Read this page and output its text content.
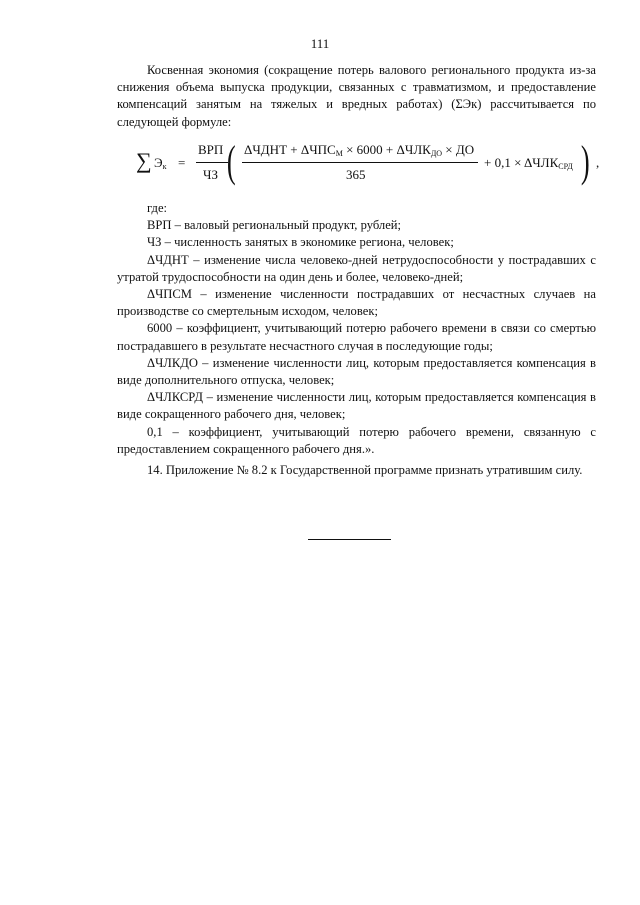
111

Косвенная экономия (сокращение потерь валового регионального продукта из-за снижения объема выпуска продукции, связанных с травматизмом, и предоставление компенсаций занятым на тяжелых и вредных работах) (ΣЭк) рассчитывается по следующей формуле:

∑ $Э_к$ =
ВРП
ЧЗ ( ΔЧДНТ + $\Delta ЧПС_М \times 6000 + \Delta ЧЛК_{ДО}$ × ДО
365
+ $0,1 \times \Delta ЧЛК_{СРД}$ ) ,

где:

ВРП – валовый региональный продукт, рублей;

ЧЗ – численность занятых в экономике региона, человек;

ΔЧДНТ – изменение числа человеко-дней нетрудоспособности у пострадавших с утратой трудоспособности на один день и более, человеко-дней;

ΔЧПСМ – изменение численности пострадавших от несчастных случаев на производстве со смертельным исходом, человек;

6000 – коэффициент, учитывающий потерю рабочего времени в связи со смертью пострадавшего в результате несчастного случая в последующие годы;

ΔЧЛКДО – изменение численности лиц, которым предоставляется компенсация в виде дополнительного отпуска, человек;

ΔЧЛКСРД – изменение численности лиц, которым предоставляется компенсация в виде сокращенного рабочего дня, человек;

0,1 – коэффициент, учитывающий потерю рабочего времени, связанную с предоставлением сокращенного рабочего дня.».

14. Приложение № 8.2 к Государственной программе признать утратившим силу.
